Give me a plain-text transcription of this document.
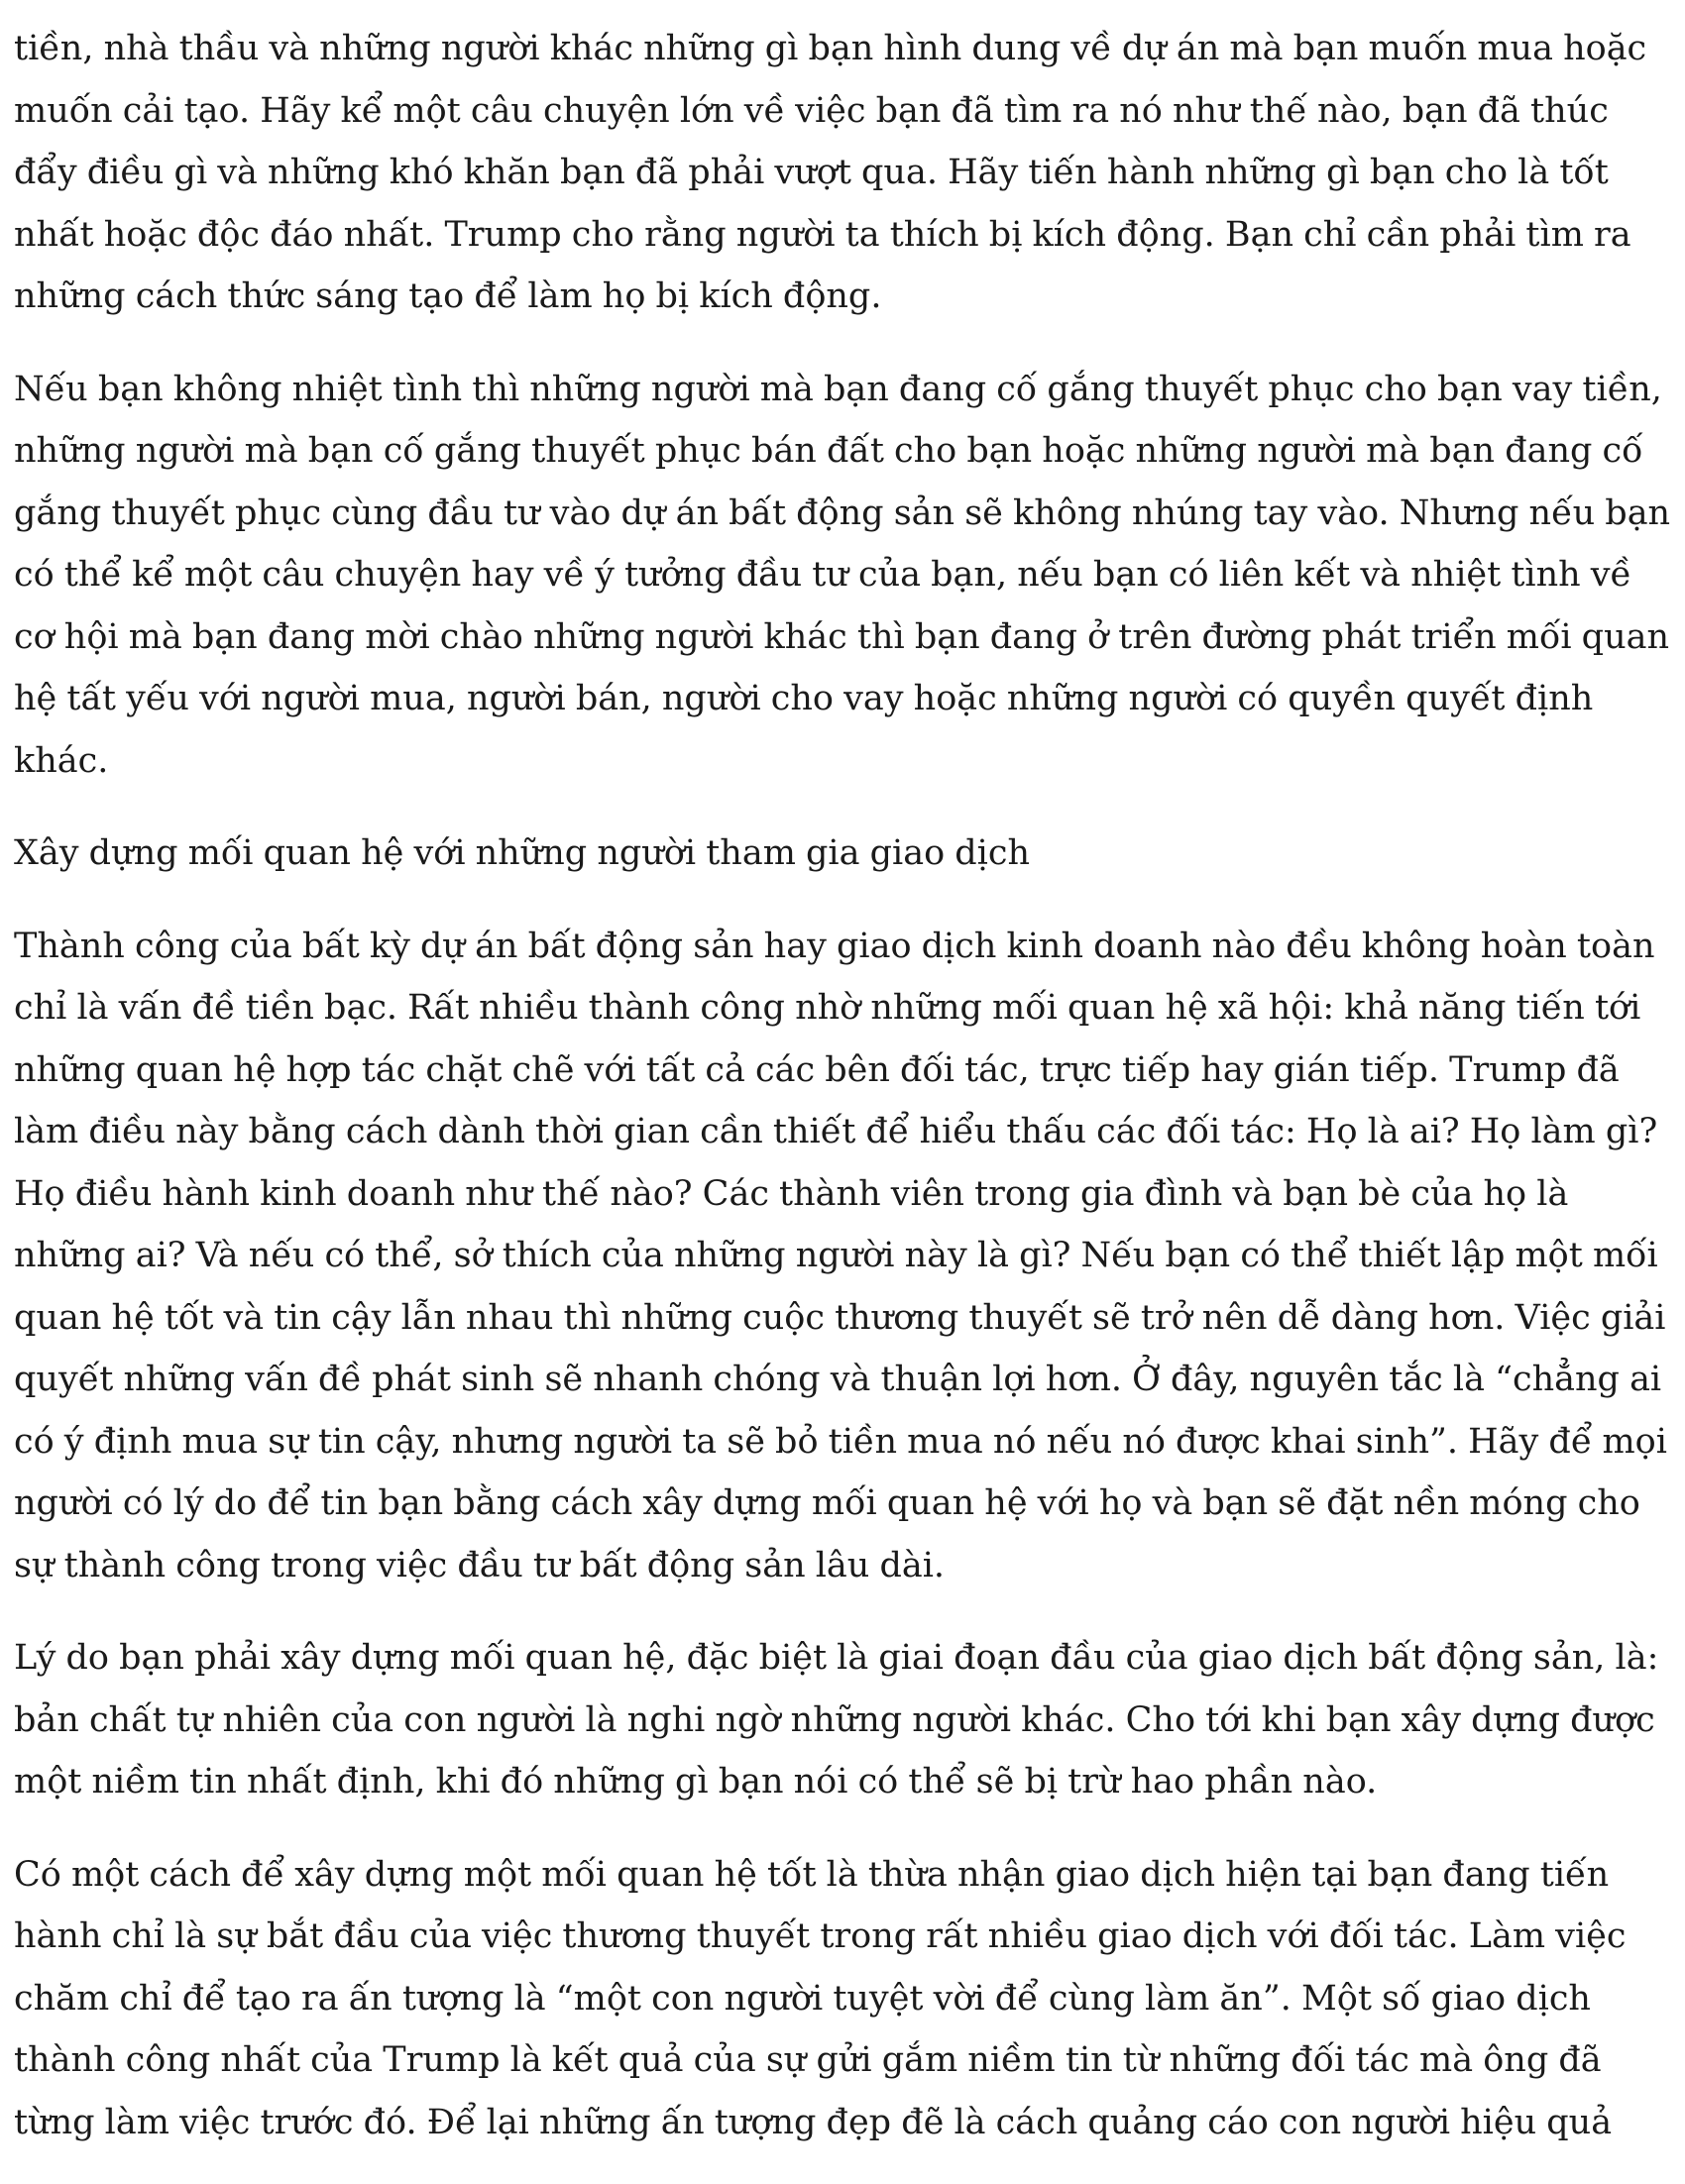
tiền, nhà thầu và những người khác những gì bạn hình dung về dự án mà bạn muốn mua hoặc muốn cải tạo. Hãy kể một câu chuyện lớn về việc bạn đã tìm ra nó như thế nào, bạn đã thúc đẩy điều gì và những khó khăn bạn đã phải vượt qua. Hãy tiến hành những gì bạn cho là tốt nhất hoặc độc đáo nhất. Trump cho rằng người ta thích bị kích động. Bạn chỉ cần phải tìm ra những cách thức sáng tạo để làm họ bị kích động.

Nếu bạn không nhiệt tình thì những người mà bạn đang cố gắng thuyết phục cho bạn vay tiền, những người mà bạn cố gắng thuyết phục bán đất cho bạn hoặc những người mà bạn đang cố gắng thuyết phục cùng đầu tư vào dự án bất động sản sẽ không nhúng tay vào. Nhưng nếu bạn có thể kể một câu chuyện hay về ý tưởng đầu tư của bạn, nếu bạn có liên kết và nhiệt tình về cơ hội mà bạn đang mời chào những người khác thì bạn đang ở trên đường phát triển mối quan hệ tất yếu với người mua, người bán, người cho vay hoặc những người có quyền quyết định khác.

Xây dựng mối quan hệ với những người tham gia giao dịch

Thành công của bất kỳ dự án bất động sản hay giao dịch kinh doanh nào đều không hoàn toàn chỉ là vấn đề tiền bạc. Rất nhiều thành công nhờ những mối quan hệ xã hội: khả năng tiến tới những quan hệ hợp tác chặt chẽ với tất cả các bên đối tác, trực tiếp hay gián tiếp. Trump đã làm điều này bằng cách dành thời gian cần thiết để hiểu thấu các đối tác: Họ là ai? Họ làm gì? Họ điều hành kinh doanh như thế nào? Các thành viên trong gia đình và bạn bè của họ là những ai? Và nếu có thể, sở thích của những người này là gì? Nếu bạn có thể thiết lập một mối quan hệ tốt và tin cậy lẫn nhau thì những cuộc thương thuyết sẽ trở nên dễ dàng hơn. Việc giải quyết những vấn đề phát sinh sẽ nhanh chóng và thuận lợi hơn. Ở đây, nguyên tắc là “chẳng ai có ý định mua sự tin cậy, nhưng người ta sẽ bỏ tiền mua nó nếu nó được khai sinh”. Hãy để mọi người có lý do để tin bạn bằng cách xây dựng mối quan hệ với họ và bạn sẽ đặt nền móng cho sự thành công trong việc đầu tư bất động sản lâu dài.

Lý do bạn phải xây dựng mối quan hệ, đặc biệt là giai đoạn đầu của giao dịch bất động sản, là: bản chất tự nhiên của con người là nghi ngờ những người khác. Cho tới khi bạn xây dựng được một niềm tin nhất định, khi đó những gì bạn nói có thể sẽ bị trừ hao phần nào.

Có một cách để xây dựng một mối quan hệ tốt là thừa nhận giao dịch hiện tại bạn đang tiến hành chỉ là sự bắt đầu của việc thương thuyết trong rất nhiều giao dịch với đối tác. Làm việc chăm chỉ để tạo ra ấn tượng là “một con người tuyệt vời để cùng làm ăn”. Một số giao dịch thành công nhất của Trump là kết quả của sự gửi gắm niềm tin từ những đối tác mà ông đã từng làm việc trước đó. Để lại những ấn tượng đẹp đẽ là cách quảng cáo con người hiệu quả
